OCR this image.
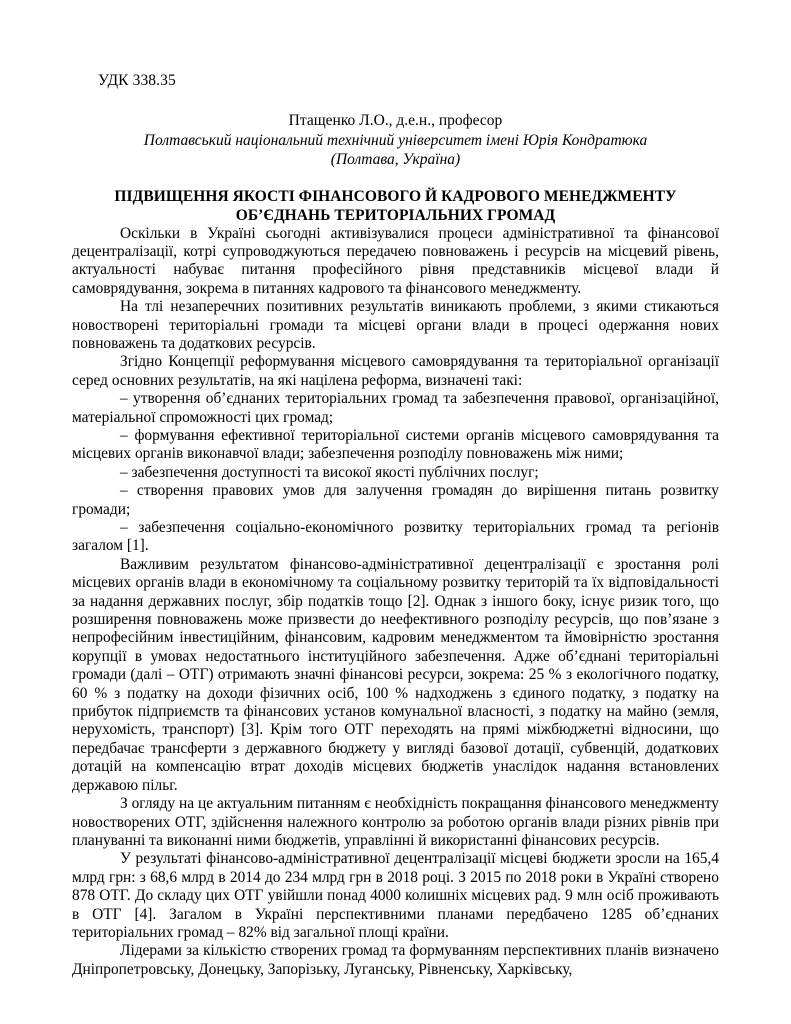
УДК 338.35
Птащенко Л.О., д.е.н., професор
Полтавський національний технічний університет імені Юрія Кондратюка
(Полтава, Україна)
ПІДВИЩЕННЯ ЯКОСТІ ФІНАНСОВОГО Й КАДРОВОГО МЕНЕДЖМЕНТУ
ОБ’ЄДНАНЬ ТЕРИТОРІАЛЬНИХ ГРОМАД

Оскільки в Україні сьогодні активізувалися процеси адміністративної та фінансової децентралізації, котрі супроводжуються передачею повноважень і ресурсів на місцевий рівень, актуальності набуває питання професійного рівня представників місцевої влади й самоврядування, зокрема в питаннях кадрового та фінансового менеджменту.

На тлі незаперечних позитивних результатів виникають проблеми, з якими стикаються новостворені територіальні громади та місцеві органи влади в процесі одержання нових повноважень та додаткових ресурсів.

Згідно Концепції реформування місцевого самоврядування та територіальної організації серед основних результатів, на які націлена реформа, визначені такі:

– утворення об’єднаних територіальних громад та забезпечення правової, організаційної, матеріальної спроможності цих громад;

– формування ефективної територіальної системи органів місцевого самоврядування та місцевих органів виконавчої влади; забезпечення розподілу повноважень між ними;

– забезпечення доступності та високої якості публічних послуг;

– створення правових умов для залучення громадян до вирішення питань розвитку громади;

– забезпечення соціально-економічного розвитку територіальних громад та регіонів загалом [1].

Важливим результатом фінансово-адміністративної децентралізації є зростання ролі місцевих органів влади в економічному та соціальному розвитку територій та їх відповідальності за надання державних послуг, збір податків тощо [2]. Однак з іншого боку, існує ризик того, що розширення повноважень може призвести до неефективного розподілу ресурсів, що пов’язане з непрофесійним інвестиційним, фінансовим, кадровим менеджментом та ймовірністю зростання корупції в умовах недостатнього інституційного забезпечення. Адже об’єднані територіальні громади (далі – ОТГ) отримають значні фінансові ресурси, зокрема: 25 % з екологічного податку, 60 % з податку на доходи фізичних осіб, 100 % надходжень з єдиного податку, з податку на прибуток підприємств та фінансових установ комунальної власності, з податку на майно (земля, нерухомість, транспорт) [3]. Крім того ОТГ переходять на прямі міжбюджетні відносини, що передбачає трансферти з державного бюджету у вигляді базової дотації, субвенцій, додаткових дотацій на компенсацію втрат доходів місцевих бюджетів унаслідок надання встановлених державою пільг.

З огляду на це актуальним питанням є необхідність покращання фінансового менеджменту новостворених ОТГ, здійснення належного контролю за роботою органів влади різних рівнів при плануванні та виконанні ними бюджетів, управлінні й використанні фінансових ресурсів.

У результаті фінансово-адміністративної децентралізації місцеві бюджети зросли на 165,4 млрд грн: з 68,6 млрд в 2014 до 234 млрд грн в 2018 році. З 2015 по 2018 роки в Україні створено 878 ОТГ. До складу цих ОТГ увійшли понад 4000 колишніх місцевих рад. 9 млн осіб проживають в ОТГ [4]. Загалом в Україні перспективними планами передбачено 1285 об’єднаних територіальних громад – 82% від загальної площі країни.

Лідерами за кількістю створених громад та формуванням перспективних планів визначено Дніпропетровську, Донецьку, Запорізьку, Луганську, Рівненську, Харківську,
